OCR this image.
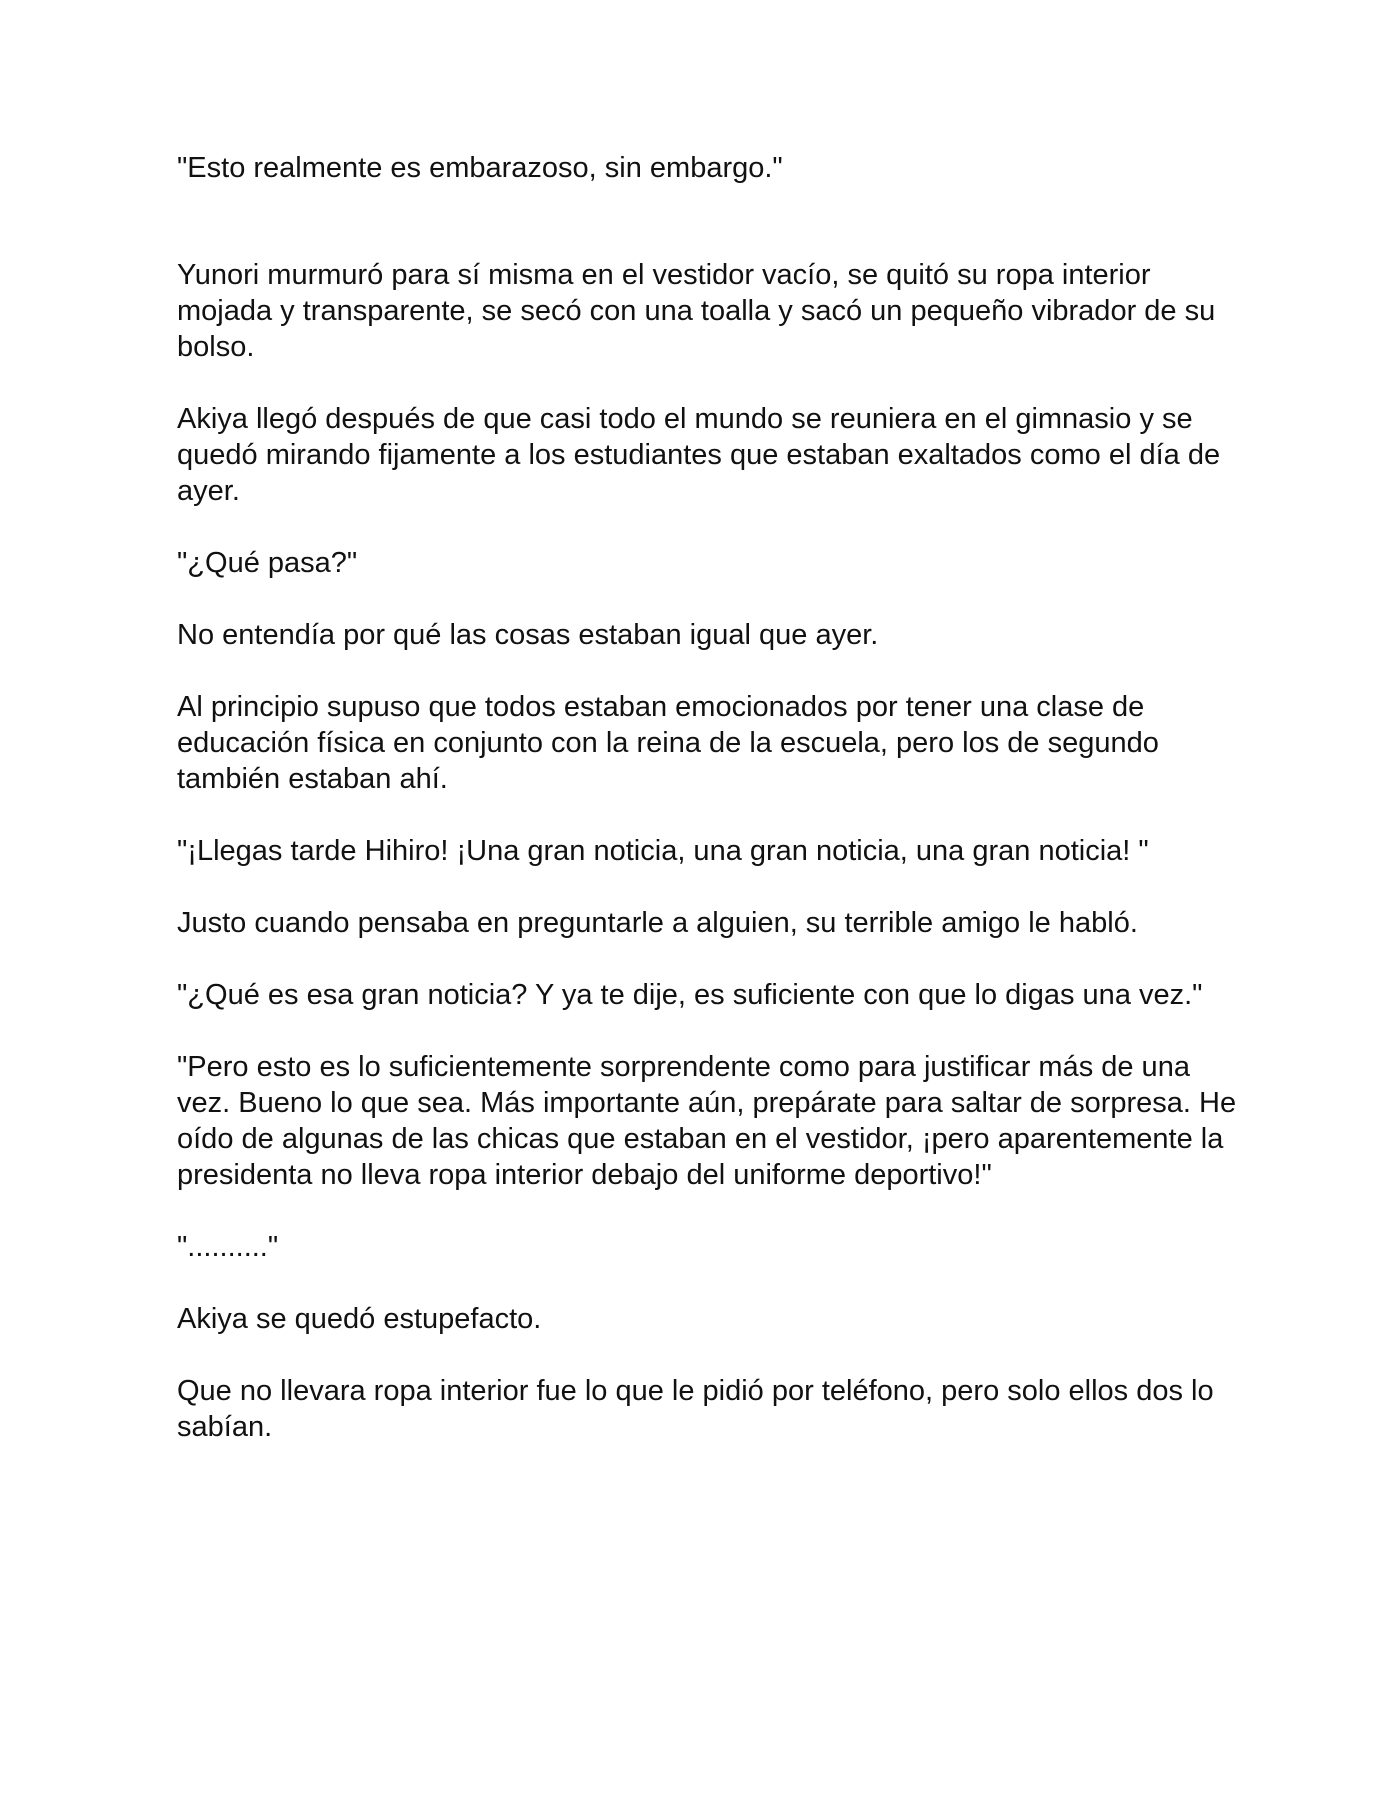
"Esto realmente es embarazoso, sin embargo."

Yunori murmuró para sí misma en el vestidor vacío, se quitó su ropa interior mojada y transparente, se secó con una toalla y sacó un pequeño vibrador de su bolso.

Akiya llegó después de que casi todo el mundo se reuniera en el gimnasio y se quedó mirando fijamente a los estudiantes que estaban exaltados como el día de ayer.

"¿Qué pasa?"

No entendía por qué las cosas estaban igual que ayer.

Al principio supuso que todos estaban emocionados por tener una clase de educación física en conjunto con la reina de la escuela, pero los de segundo también estaban ahí.

"¡Llegas tarde Hihiro! ¡Una gran noticia, una gran noticia, una gran noticia! "

Justo cuando pensaba en preguntarle a alguien, su terrible amigo le habló.

"¿Qué es esa gran noticia? Y ya te dije, es suficiente con que lo digas una vez."

"Pero esto es lo suficientemente sorprendente como para justificar más de una vez. Bueno lo que sea. Más importante aún, prepárate para saltar de sorpresa. He oído de algunas de las chicas que estaban en el vestidor, ¡pero aparentemente la presidenta no lleva ropa interior debajo del uniforme deportivo!"

".........."

Akiya se quedó estupefacto.

Que no llevara ropa interior fue lo que le pidió por teléfono, pero solo ellos dos lo sabían.
